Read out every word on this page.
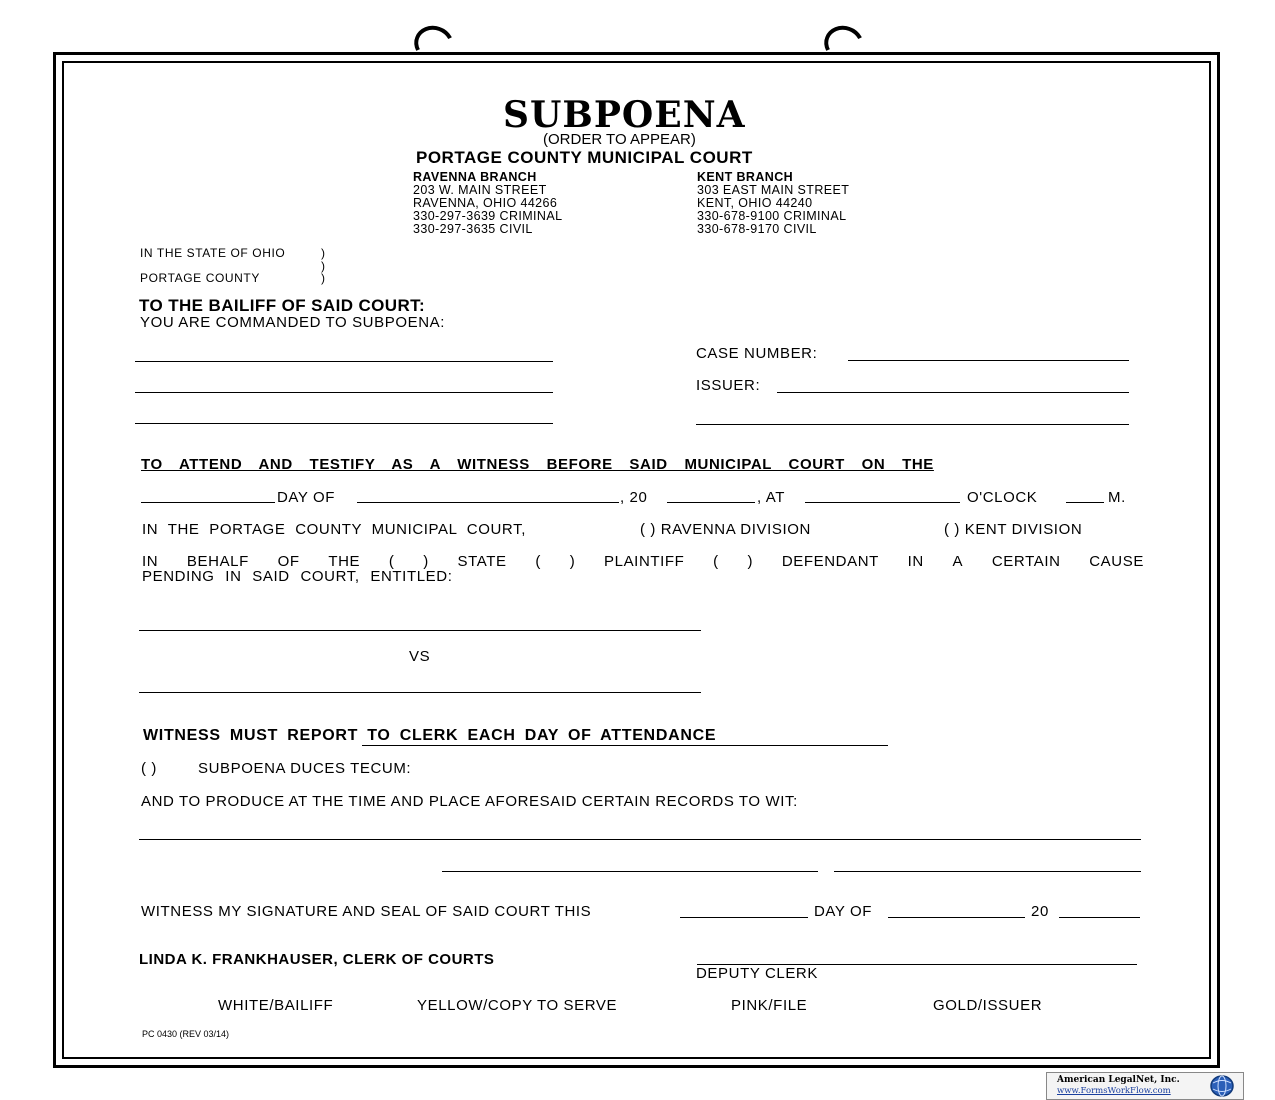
SUBPOENA
(ORDER TO APPEAR)
PORTAGE COUNTY MUNICIPAL COURT
RAVENNA BRANCH
203 W. MAIN STREET
RAVENNA, OHIO 44266
330-297-3639 CRIMINAL
330-297-3635 CIVIL
KENT BRANCH
303 EAST MAIN STREET
KENT, OHIO 44240
330-678-9100 CRIMINAL
330-678-9170 CIVIL
IN THE STATE OF OHIO	)
)
PORTAGE COUNTY	)
TO THE BAILIFF OF SAID COURT:
YOU ARE COMMANDED TO SUBPOENA:
CASE NUMBER:
ISSUER:
TO ATTEND AND TESTIFY AS A WITNESS BEFORE SAID MUNICIPAL COURT ON THE
DAY OF	, 20	, AT	O'CLOCK	M.
IN THE PORTAGE COUNTY MUNICIPAL COURT,	( ) RAVENNA DIVISION	( ) KENT DIVISION
IN BEHALF OF THE ( ) STATE ( ) PLAINTIFF ( ) DEFENDANT IN A CERTAIN CAUSE
PENDING IN SAID COURT, ENTITLED:
VS
WITNESS MUST REPORT TO CLERK EACH DAY OF ATTENDANCE
( )	SUBPOENA DUCES TECUM:
AND TO PRODUCE AT THE TIME AND PLACE AFORESAID CERTAIN RECORDS TO WIT:
WITNESS MY SIGNATURE AND SEAL OF SAID COURT THIS	DAY OF	20
LINDA K. FRANKHAUSER, CLERK OF COURTS
DEPUTY CLERK
WHITE/BAILIFF	YELLOW/COPY TO SERVE	PINK/FILE	GOLD/ISSUER
PC 0430 (REV 03/14)
American LegalNet, Inc.
www.FormsWorkFlow.com
